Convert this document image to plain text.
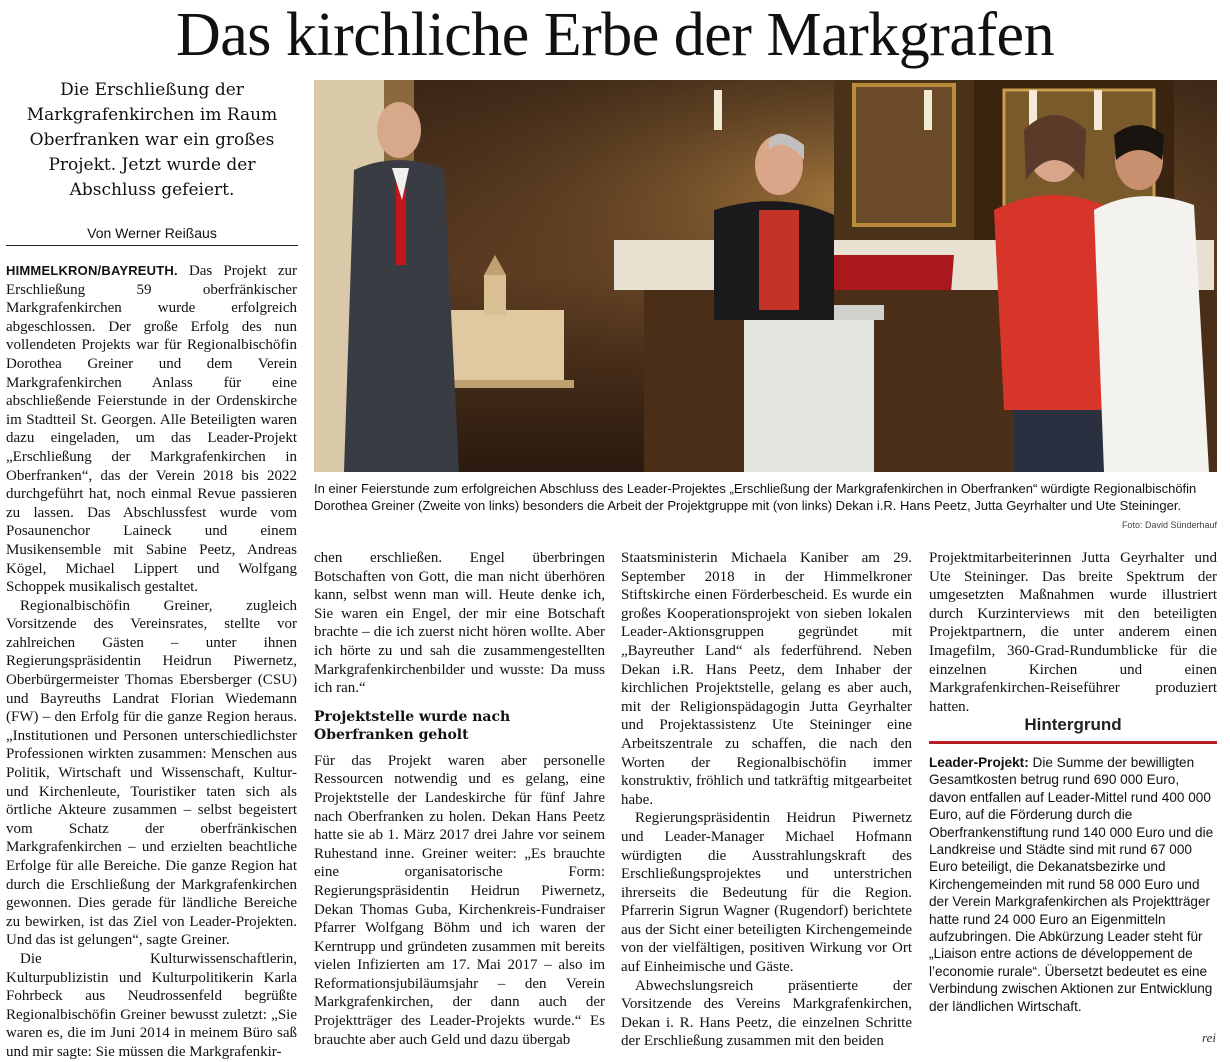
Das kirchliche Erbe der Markgrafen
Die Erschließung der Markgrafenkirchen im Raum Oberfranken war ein großes Projekt. Jetzt wurde der Abschluss gefeiert.
Von Werner Reißaus

HIMMELKRON/BAYREUTH. Das Projekt zur Erschließung 59 oberfränkischer Markgrafenkirchen wurde erfolgreich abgeschlossen. Der große Erfolg des nun vollendeten Projekts war für Regionalbischöfin Dorothea Greiner und dem Verein Markgrafenkirchen Anlass für eine abschließende Feierstunde in der Ordenskirche im Stadtteil St. Georgen. Alle Beteiligten waren dazu eingeladen, um das Leader-Projekt „Erschließung der Markgrafenkirchen in Oberfranken“, das der Verein 2018 bis 2022 durchgeführt hat, noch einmal Revue passieren zu lassen. Das Abschlussfest wurde vom Posaunenchor Laineck und einem Musikensemble mit Sabine Peetz, Andreas Kögel, Michael Lippert und Wolfgang Schoppek musikalisch gestaltet.

Regionalbischöfin Greiner, zugleich Vorsitzende des Vereinsrates, stellte vor zahlreichen Gästen – unter ihnen Regierungspräsidentin Heidrun Piwernetz, Oberbürgermeister Thomas Ebersberger (CSU) und Bayreuths Landrat Florian Wiedemann (FW) – den Erfolg für die ganze Region heraus. „Institutionen und Personen unterschiedlichster Professionen wirkten zusammen: Menschen aus Politik, Wirtschaft und Wissenschaft, Kultur- und Kirchenleute, Touristiker taten sich als örtliche Akteure zusammen – selbst begeistert vom Schatz der oberfränkischen Markgrafenkirchen – und erzielten beachtliche Erfolge für alle Bereiche. Die ganze Region hat durch die Erschließung der Markgrafenkirchen gewonnen. Dies gerade für ländliche Bereiche zu bewirken, ist das Ziel von Leader-Projekten. Und das ist gelungen“, sagte Greiner.

Die Kulturwissenschaftlerin, Kulturpublizistin und Kulturpolitikerin Karla Fohrbeck aus Neudrossenfeld begrüßte Regionalbischöfin Greiner bewusst zuletzt: „Sie waren es, die im Juni 2014 in meinem Büro saß und mir sagte: Sie müssen die Markgrafenkir-

In einer Feierstunde zum erfolgreichen Abschluss des Leader-Projektes „Erschließung der Markgrafenkirchen in Oberfranken“ würdigte Regionalbischöfin Dorothea Greiner (Zweite von links) besonders die Arbeit der Projektgruppe mit (von links) Dekan i.R. Hans Peetz, Jutta Geyrhalter und Ute Steininger.
Foto: David Sünderhauf

chen erschließen. Engel überbringen Botschaften von Gott, die man nicht überhören kann, selbst wenn man will. Heute denke ich, Sie waren ein Engel, der mir eine Botschaft brachte – die ich zuerst nicht hören wollte. Aber ich hörte zu und sah die zusammengestellten Markgrafenkirchenbilder und wusste: Da muss ich ran.“

Projektstelle wurde nach Oberfranken geholt

Für das Projekt waren aber personelle Ressourcen notwendig und es gelang, eine Projektstelle der Landeskirche für fünf Jahre nach Oberfranken zu holen. Dekan Hans Peetz hatte sie ab 1. März 2017 drei Jahre vor seinem Ruhestand inne. Greiner weiter: „Es brauchte eine organisatorische Form: Regierungspräsidentin Heidrun Piwernetz, Dekan Thomas Guba, Kirchenkreis-Fundraiser Pfarrer Wolfgang Böhm und ich waren der Kerntrupp und gründeten zusammen mit bereits vielen Infizierten am 17. Mai 2017 – also im Reformationsjubiläumsjahr – den Verein Markgrafenkirchen, der dann auch der Projektträger des Leader-Projekts wurde.“ Es brauchte aber auch Geld und dazu übergab

Staatsministerin Michaela Kaniber am 29. September 2018 in der Himmelkroner Stiftskirche einen Förderbescheid. Es wurde ein großes Kooperationsprojekt von sieben lokalen Leader-Aktionsgruppen gegründet mit „Bayreuther Land“ als federführend. Neben Dekan i.R. Hans Peetz, dem Inhaber der kirchlichen Projektstelle, gelang es aber auch, mit der Religionspädagogin Jutta Geyrhalter und Projektassistenz Ute Steininger eine Arbeitszentrale zu schaffen, die nach den Worten der Regionalbischöfin immer konstruktiv, fröhlich und tatkräftig mitgearbeitet habe.

Regierungspräsidentin Heidrun Piwernetz und Leader-Manager Michael Hofmann würdigten die Ausstrahlungskraft des Erschließungsprojektes und unterstrichen ihrerseits die Bedeutung für die Region. Pfarrerin Sigrun Wagner (Rugendorf) berichtete aus der Sicht einer beteiligten Kirchengemeinde von der vielfältigen, positiven Wirkung vor Ort auf Einheimische und Gäste.

Abwechslungsreich präsentierte der Vorsitzende des Vereins Markgrafenkirchen, Dekan i. R. Hans Peetz, die einzelnen Schritte der Erschließung zusammen mit den beiden

Projektmitarbeiterinnen Jutta Geyrhalter und Ute Steininger. Das breite Spektrum der umgesetzten Maßnahmen wurde illustriert durch Kurzinterviews mit den beteiligten Projektpartnern, die unter anderem einen Imagefilm, 360-Grad-Rundumblicke für die einzelnen Kirchen und einen Markgrafenkirchen-Reiseführer produziert hatten.

Hintergrund
Leader-Projekt: Die Summe der bewilligten Gesamtkosten betrug rund 690 000 Euro, davon entfallen auf Leader-Mittel rund 400 000 Euro, auf die Förderung durch die Oberfrankenstiftung rund 140 000 Euro und die Landkreise und Städte sind mit rund 67 000 Euro beteiligt, die Dekanatsbezirke und Kirchengemeinden mit rund 58 000 Euro und der Verein Markgrafenkirchen als Projektträger hatte rund 24 000 Euro an Eigenmitteln aufzubringen. Die Abkürzung Leader steht für „Liaison entre actions de développement de l’economie rurale“. Übersetzt bedeutet es eine Verbindung zwischen Aktionen zur Entwicklung der ländlichen Wirtschaft.
rei
